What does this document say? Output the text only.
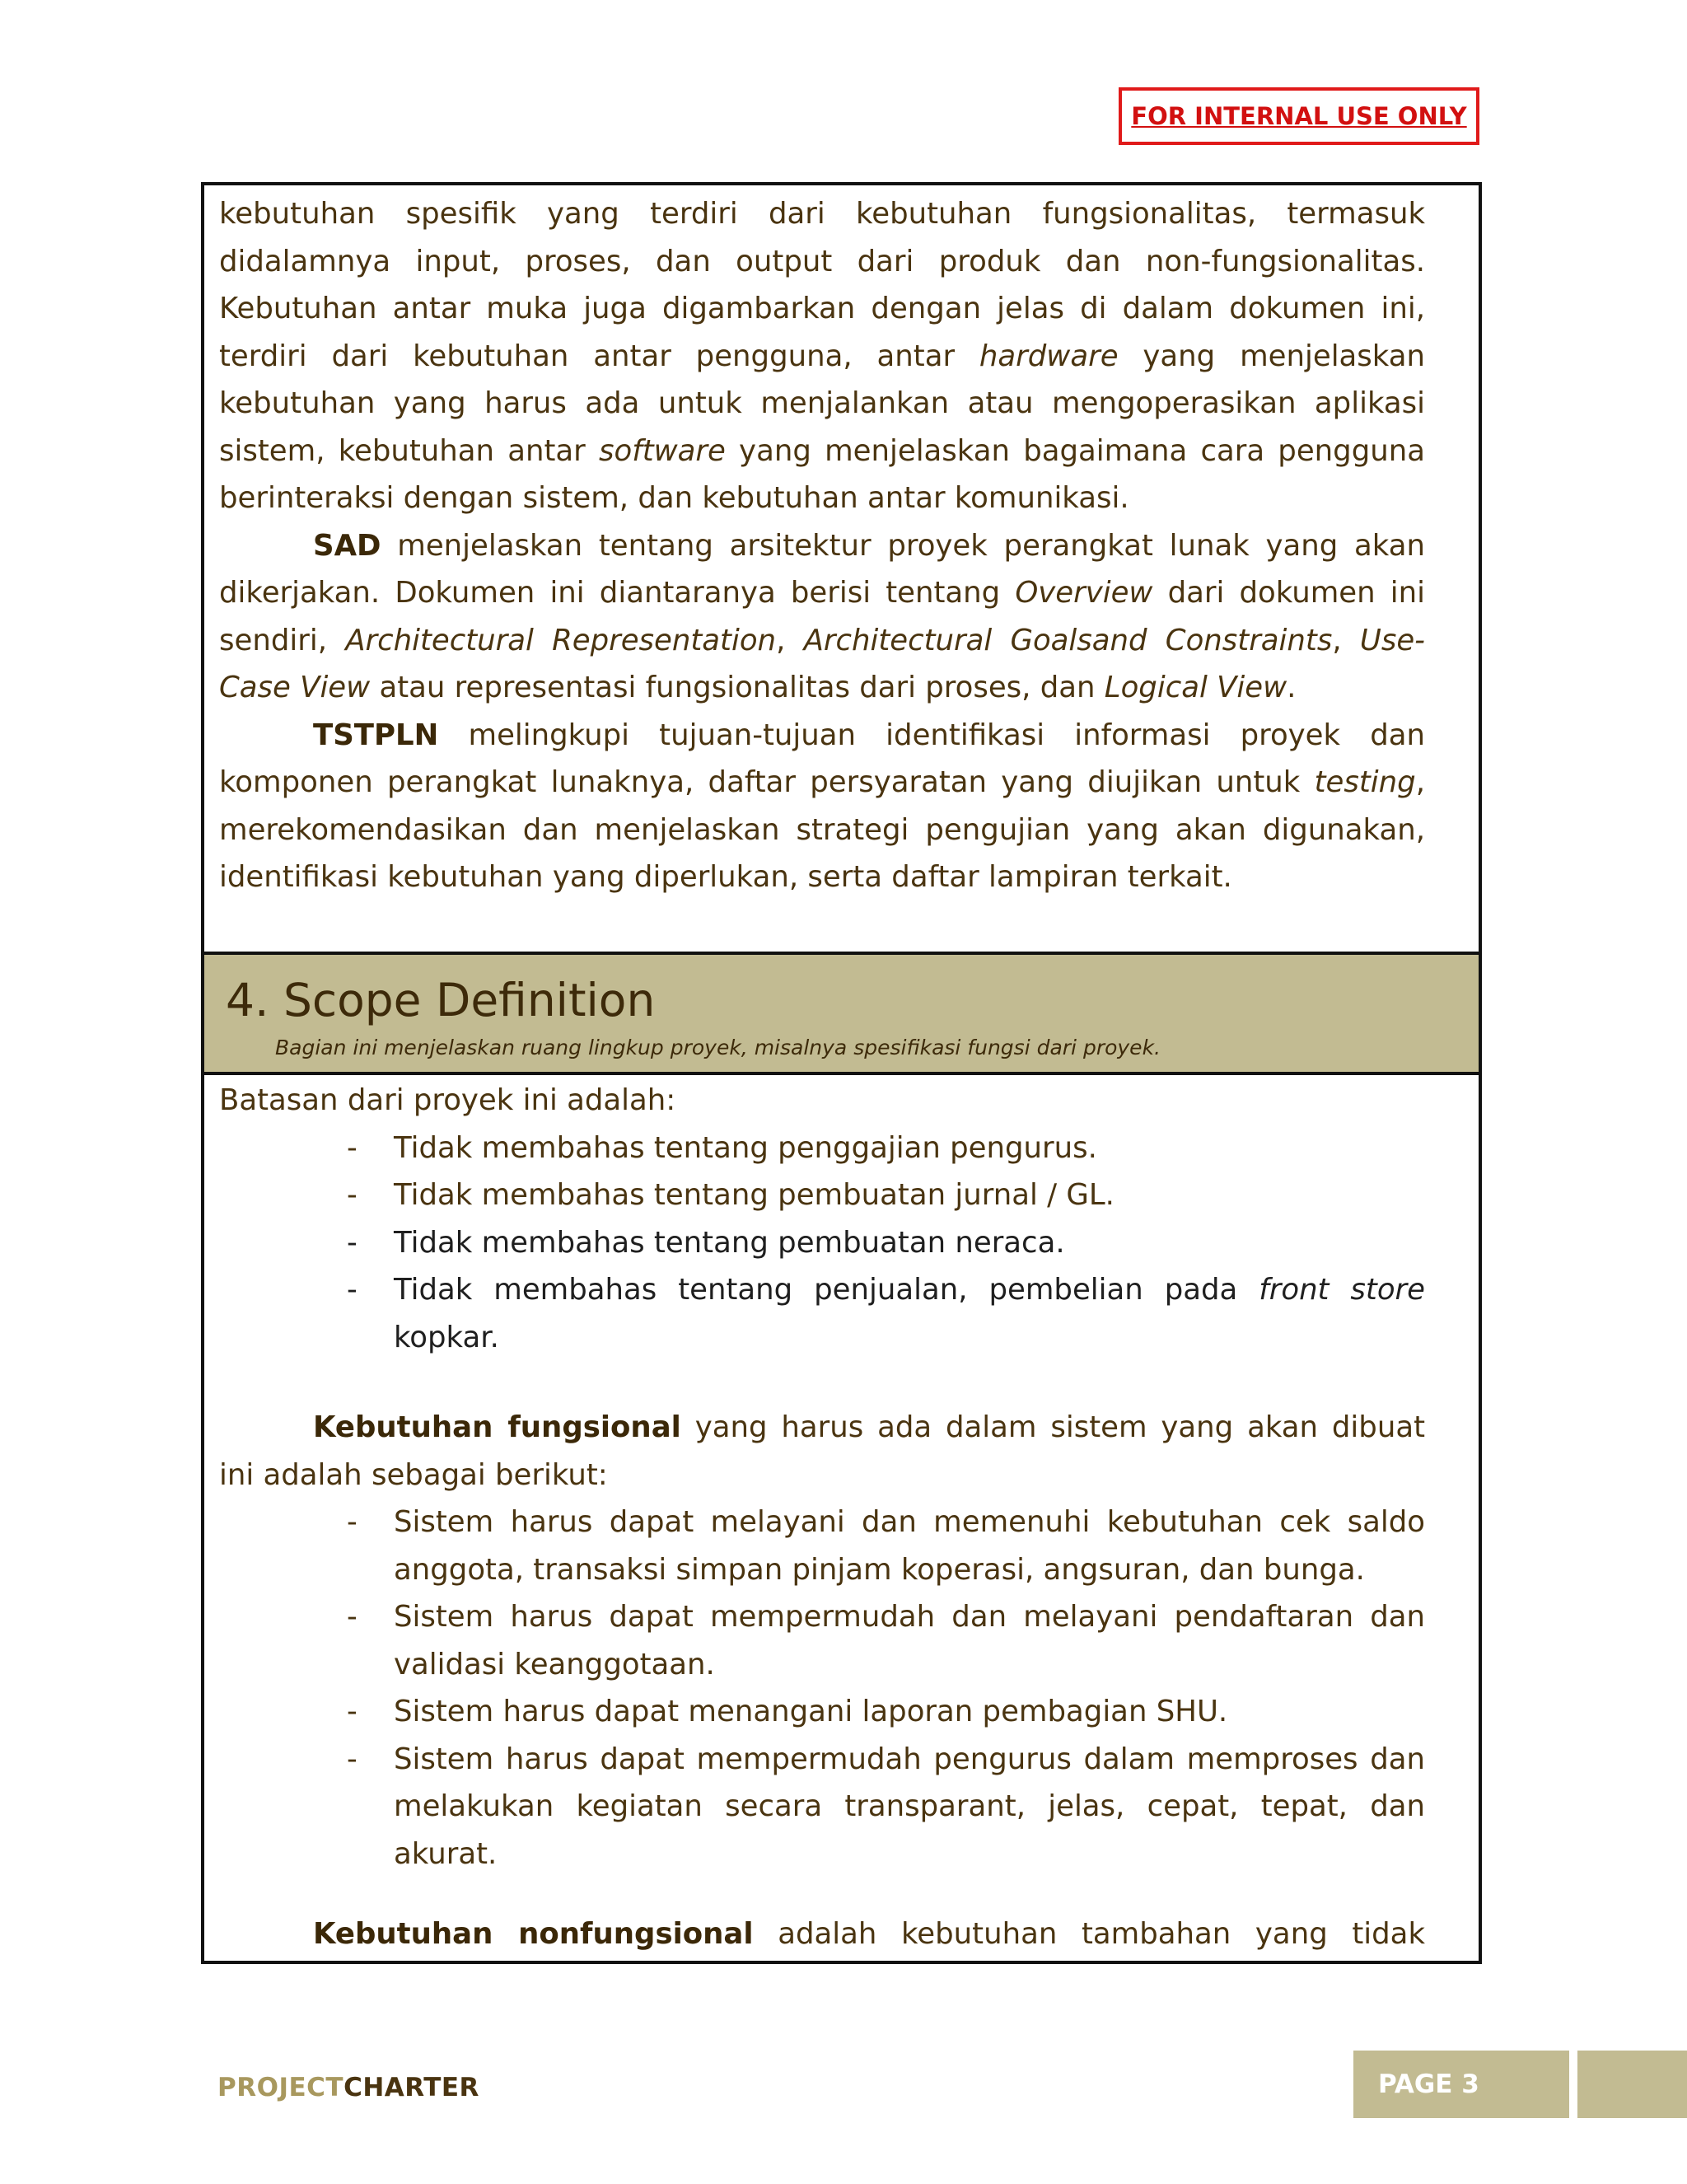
FOR INTERNAL USE ONLY

kebutuhan spesifik yang terdiri dari kebutuhan fungsionalitas, termasuk didalamnya input, proses, dan output dari produk dan non-fungsionalitas. Kebutuhan antar muka juga digambarkan dengan jelas di dalam dokumen ini, terdiri dari kebutuhan antar pengguna, antar hardware yang menjelaskan kebutuhan yang harus ada untuk menjalankan atau mengoperasikan aplikasi sistem, kebutuhan antar software yang menjelaskan bagaimana cara pengguna berinteraksi dengan sistem, dan kebutuhan antar komunikasi.

SAD menjelaskan tentang arsitektur proyek perangkat lunak yang akan dikerjakan. Dokumen ini diantaranya berisi tentang Overview dari dokumen ini sendiri, Architectural Representation, Architectural Goalsand Constraints, Use-Case View atau representasi fungsionalitas dari proses, dan Logical View.

TSTPLN melingkupi tujuan-tujuan identifikasi informasi proyek dan komponen perangkat lunaknya, daftar persyaratan yang diujikan untuk testing, merekomendasikan dan menjelaskan strategi pengujian yang akan digunakan, identifikasi kebutuhan yang diperlukan, serta daftar lampiran terkait.

4. Scope Definition
Bagian ini menjelaskan ruang lingkup proyek, misalnya spesifikasi fungsi dari proyek.

Batasan dari proyek ini adalah:

- Tidak membahas tentang penggajian pengurus.
- Tidak membahas tentang pembuatan jurnal / GL.
- Tidak membahas tentang pembuatan neraca.
- Tidak membahas tentang penjualan, pembelian pada front store kopkar.

Kebutuhan fungsional yang harus ada dalam sistem yang akan dibuat ini adalah sebagai berikut:

- Sistem harus dapat melayani dan memenuhi kebutuhan cek saldo anggota, transaksi simpan pinjam koperasi, angsuran, dan bunga.
- Sistem harus dapat mempermudah dan melayani pendaftaran dan validasi keanggotaan.
- Sistem harus dapat menangani laporan pembagian SHU.
- Sistem harus dapat mempermudah pengurus dalam memproses dan melakukan kegiatan secara transparant, jelas, cepat, tepat, dan akurat.

Kebutuhan nonfungsional adalah kebutuhan tambahan yang tidak

PROJECTCHARTER	PAGE 3
